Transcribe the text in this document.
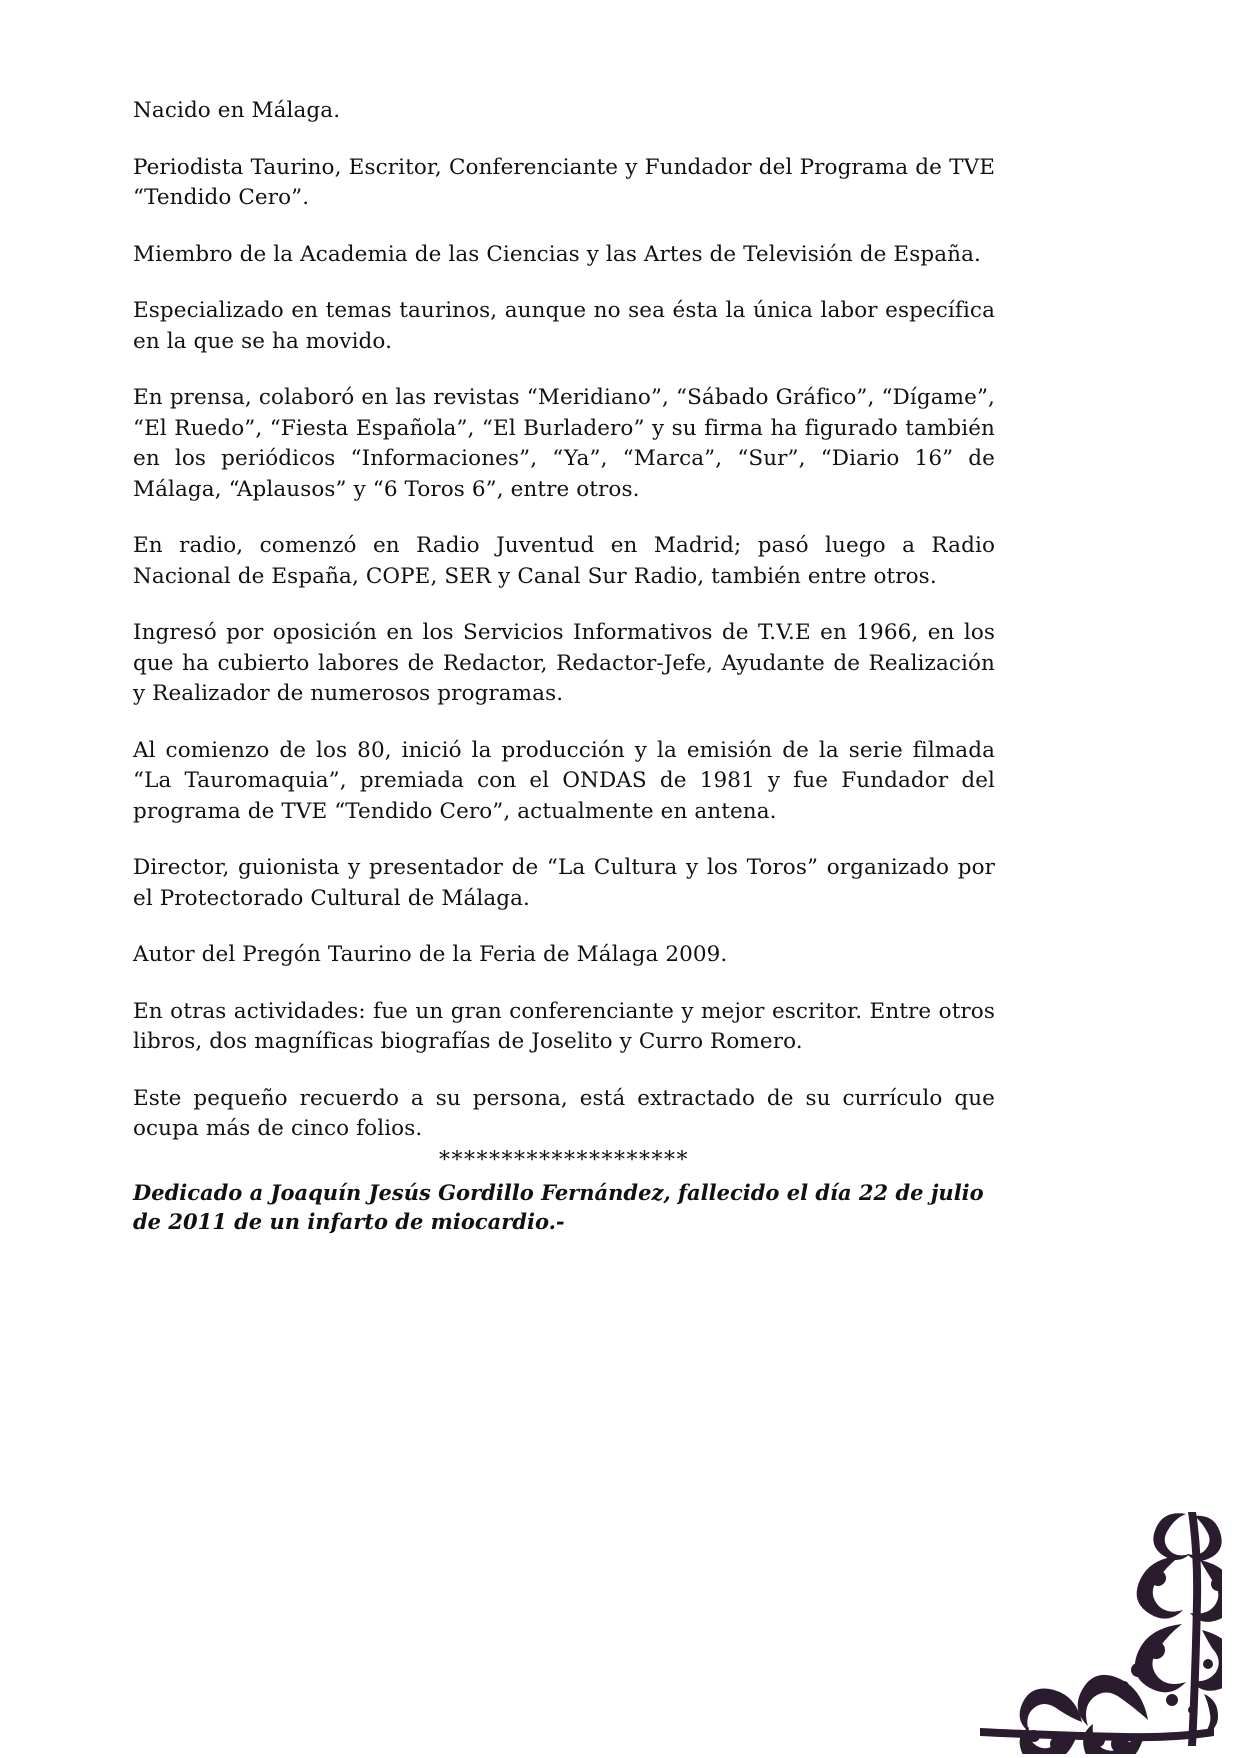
Nacido en Málaga.

Periodista Taurino, Escritor, Conferenciante y Fundador del Programa de TVE “Tendido Cero”.

Miembro de la Academia de las Ciencias y las Artes de Televisión de España.

Especializado en temas taurinos, aunque no sea ésta la única labor específica en la que se ha movido.

En prensa, colaboró en las revistas “Meridiano”, “Sábado Gráfico”, “Dígame”, “El Ruedo”, “Fiesta Española”, “El Burladero” y su firma ha figurado también en los periódicos “Informaciones”, “Ya”, “Marca”, “Sur”, “Diario 16” de Málaga, “Aplausos” y “6 Toros 6”, entre otros.

En radio, comenzó en Radio Juventud en Madrid; pasó luego a Radio Nacional de España, COPE, SER y Canal Sur Radio, también entre otros.

Ingresó por oposición en los Servicios Informativos de T.V.E en 1966, en los que ha cubierto labores de Redactor, Redactor-Jefe, Ayudante de Realización y Realizador de numerosos programas.

Al comienzo de los 80, inició la producción y la emisión de la serie filmada “La Tauromaquia”, premiada con el ONDAS de 1981 y fue Fundador del programa de TVE “Tendido Cero”, actualmente en antena.

Director, guionista y presentador de “La Cultura y los Toros” organizado por el Protectorado Cultural de Málaga.

Autor del Pregón Taurino de la Feria de Málaga 2009.

En otras actividades: fue un gran conferenciante y mejor escritor. Entre otros libros, dos magníficas biografías de Joselito y Curro Romero.

Este pequeño recuerdo a su persona, está extractado de su currículo que ocupa más de cinco folios.

********************

Dedicado a Joaquín Jesús Gordillo Fernández, fallecido el día 22 de julio de 2011 de un infarto de miocardio.-
